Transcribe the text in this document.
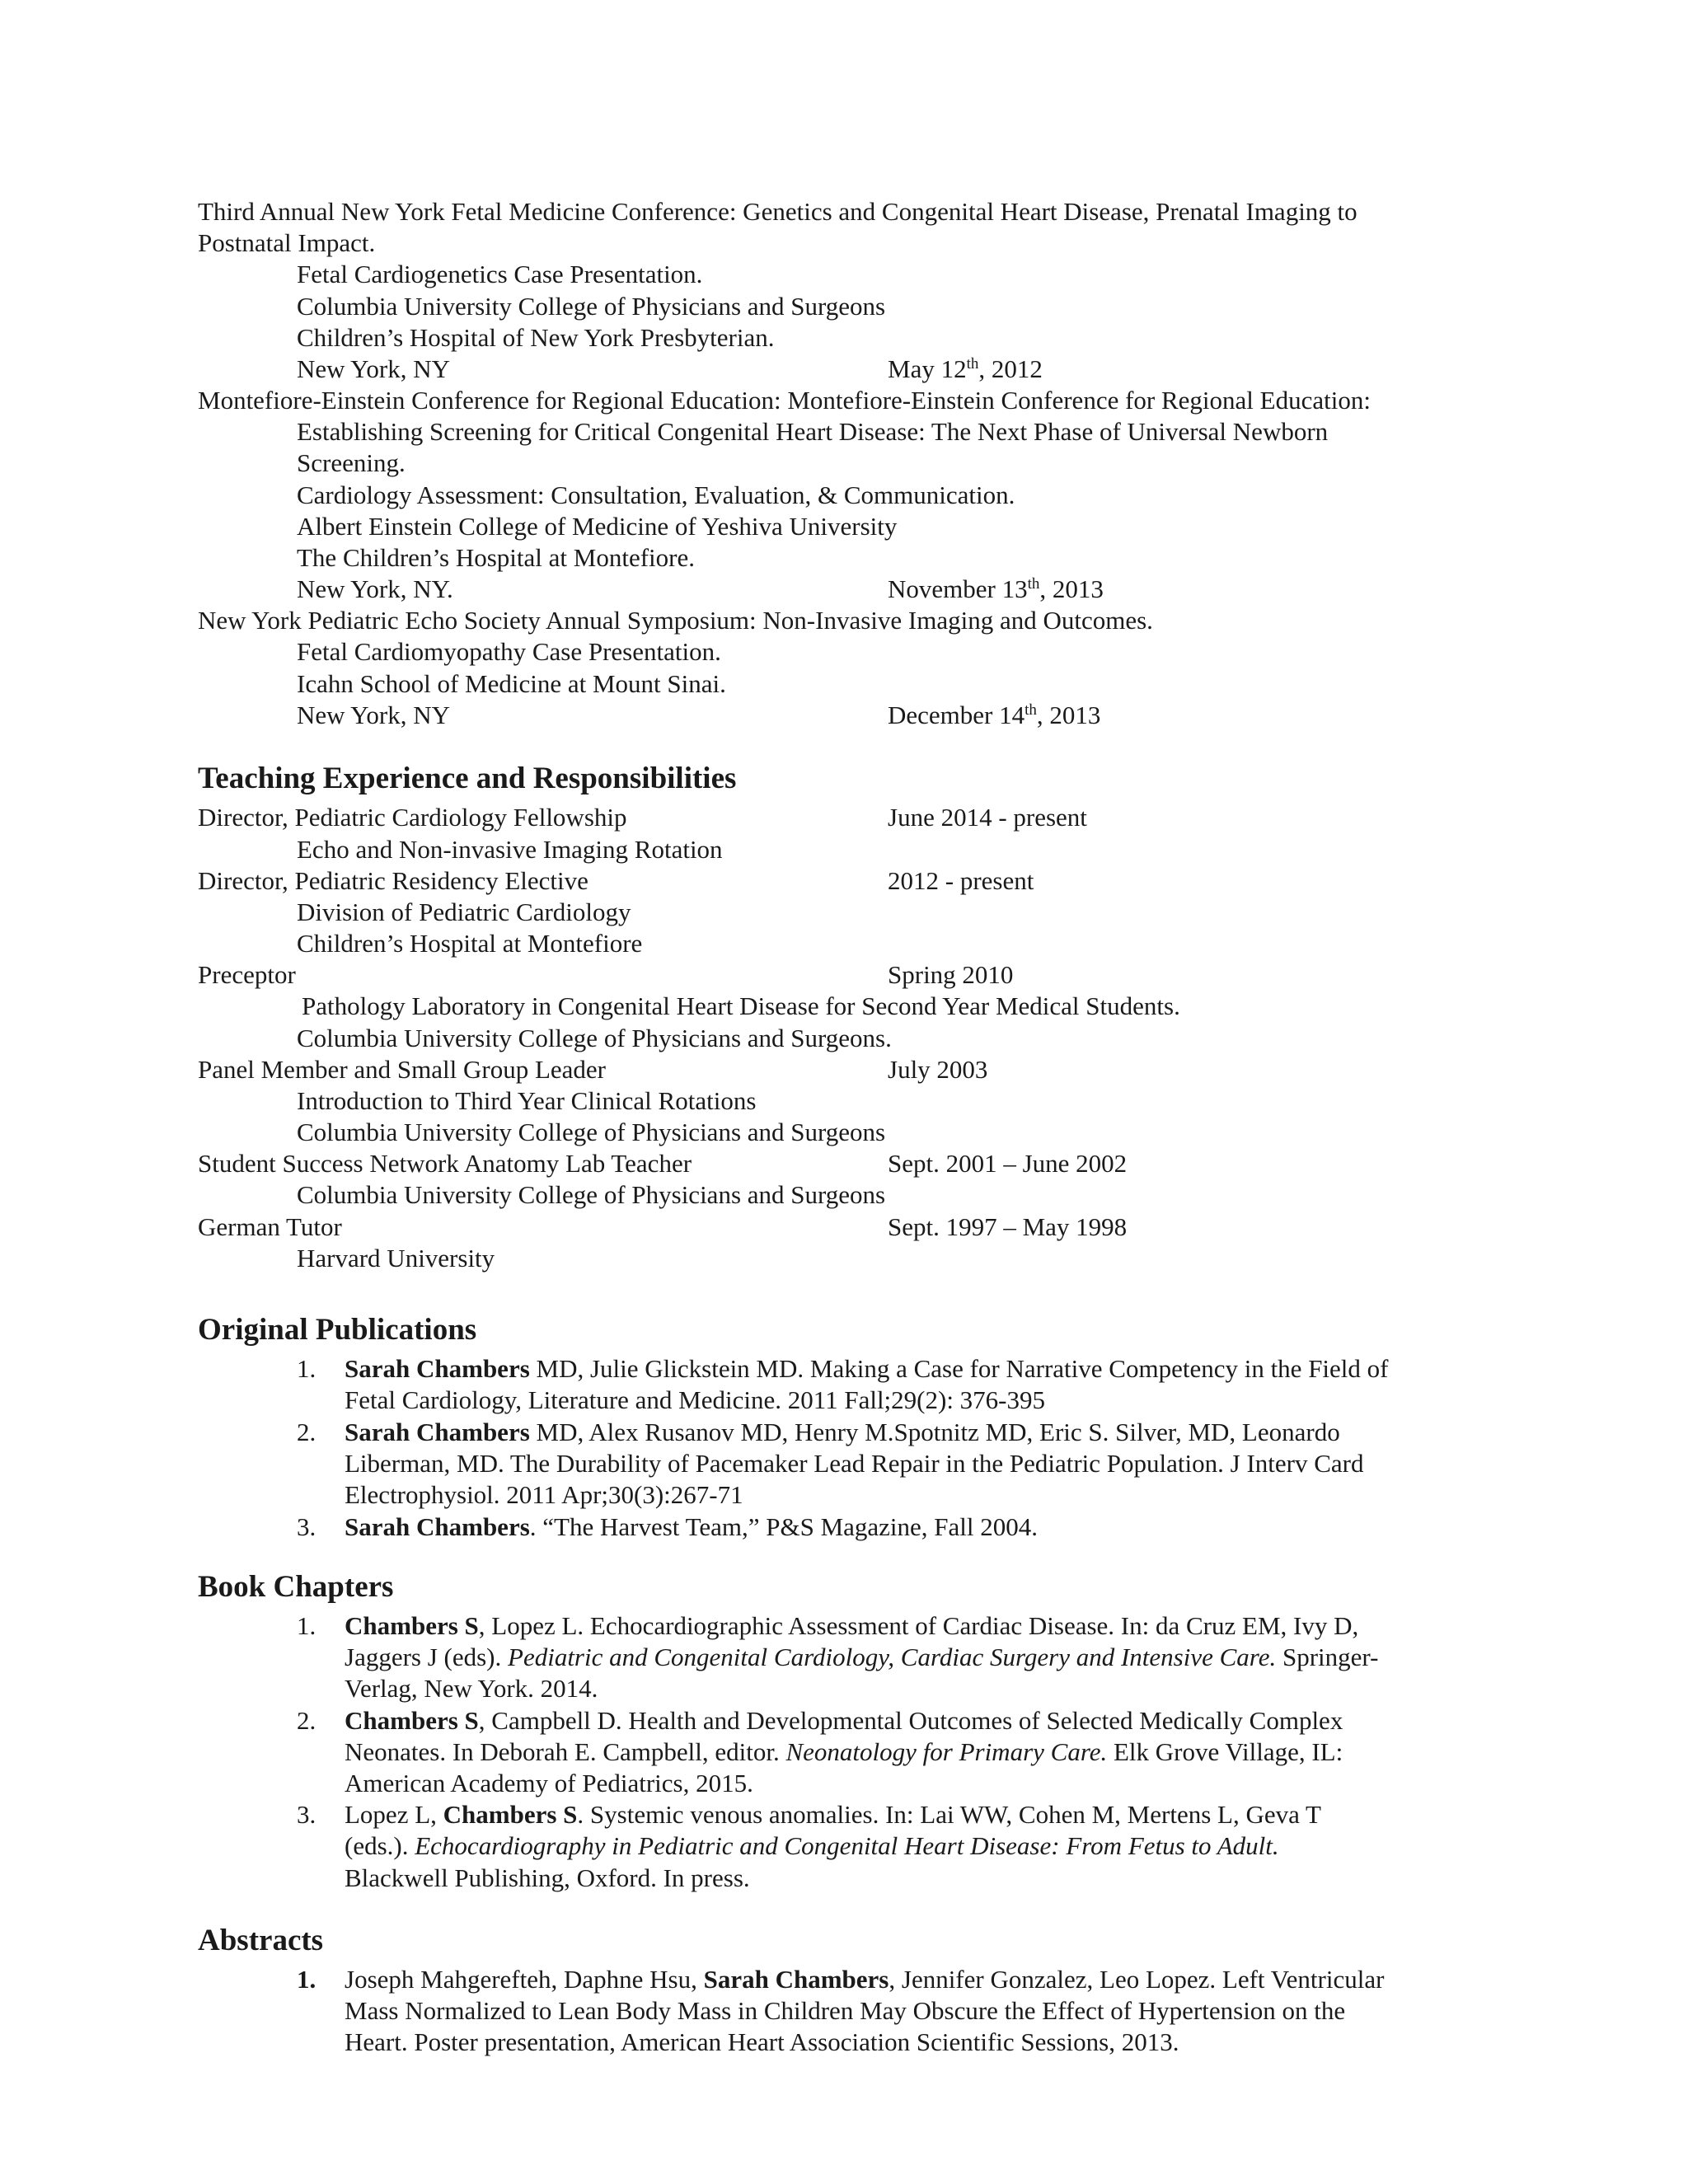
Third Annual New York Fetal Medicine Conference: Genetics and Congenital Heart Disease, Prenatal Imaging to
Postnatal Impact.
Fetal Cardiogenetics Case Presentation.
Columbia University College of Physicians and Surgeons
Children’s Hospital of New York Presbyterian.
New York, NY	May 12th, 2012
Montefiore-Einstein Conference for Regional Education: Montefiore-Einstein Conference for Regional Education:
Establishing Screening for Critical Congenital Heart Disease: The Next Phase of Universal Newborn
Screening.
Cardiology Assessment: Consultation, Evaluation, & Communication.
Albert Einstein College of Medicine of Yeshiva University
The Children’s Hospital at Montefiore.
New York, NY.	November 13th, 2013
New York Pediatric Echo Society Annual Symposium: Non-Invasive Imaging and Outcomes.
Fetal Cardiomyopathy Case Presentation.
Icahn School of Medicine at Mount Sinai.
New York, NY	December 14th, 2013
Teaching Experience and Responsibilities
Director, Pediatric Cardiology Fellowship	June 2014 - present
Echo and Non-invasive Imaging Rotation
Director, Pediatric Residency Elective	2012 - present
Division of Pediatric Cardiology
Children’s Hospital at Montefiore
Preceptor	Spring 2010
Pathology Laboratory in Congenital Heart Disease for Second Year Medical Students.
Columbia University College of Physicians and Surgeons.
Panel Member and Small Group Leader	July 2003
Introduction to Third Year Clinical Rotations
Columbia University College of Physicians and Surgeons
Student Success Network Anatomy Lab Teacher	Sept. 2001 – June 2002
Columbia University College of Physicians and Surgeons
German Tutor	Sept. 1997 – May 1998
Harvard University
Original Publications
1. Sarah Chambers MD, Julie Glickstein MD. Making a Case for Narrative Competency in the Field of
Fetal Cardiology, Literature and Medicine. 2011 Fall;29(2): 376-395
2. Sarah Chambers MD, Alex Rusanov MD, Henry M.Spotnitz MD, Eric S. Silver, MD, Leonardo
Liberman, MD. The Durability of Pacemaker Lead Repair in the Pediatric Population. J Interv Card
Electrophysiol. 2011 Apr;30(3):267-71
3. Sarah Chambers. “The Harvest Team,” P&S Magazine, Fall 2004.
Book Chapters
1. Chambers S, Lopez L. Echocardiographic Assessment of Cardiac Disease. In: da Cruz EM, Ivy D,
Jaggers J (eds). Pediatric and Congenital Cardiology, Cardiac Surgery and Intensive Care. Springer-
Verlag, New York. 2014.
2. Chambers S, Campbell D. Health and Developmental Outcomes of Selected Medically Complex
Neonates. In Deborah E. Campbell, editor. Neonatology for Primary Care. Elk Grove Village, IL:
American Academy of Pediatrics, 2015.
3. Lopez L, Chambers S. Systemic venous anomalies. In: Lai WW, Cohen M, Mertens L, Geva T
(eds.). Echocardiography in Pediatric and Congenital Heart Disease: From Fetus to Adult.
Blackwell Publishing, Oxford. In press.
Abstracts
1. Joseph Mahgerefteh, Daphne Hsu, Sarah Chambers, Jennifer Gonzalez, Leo Lopez. Left Ventricular
Mass Normalized to Lean Body Mass in Children May Obscure the Effect of Hypertension on the
Heart. Poster presentation, American Heart Association Scientific Sessions, 2013.
